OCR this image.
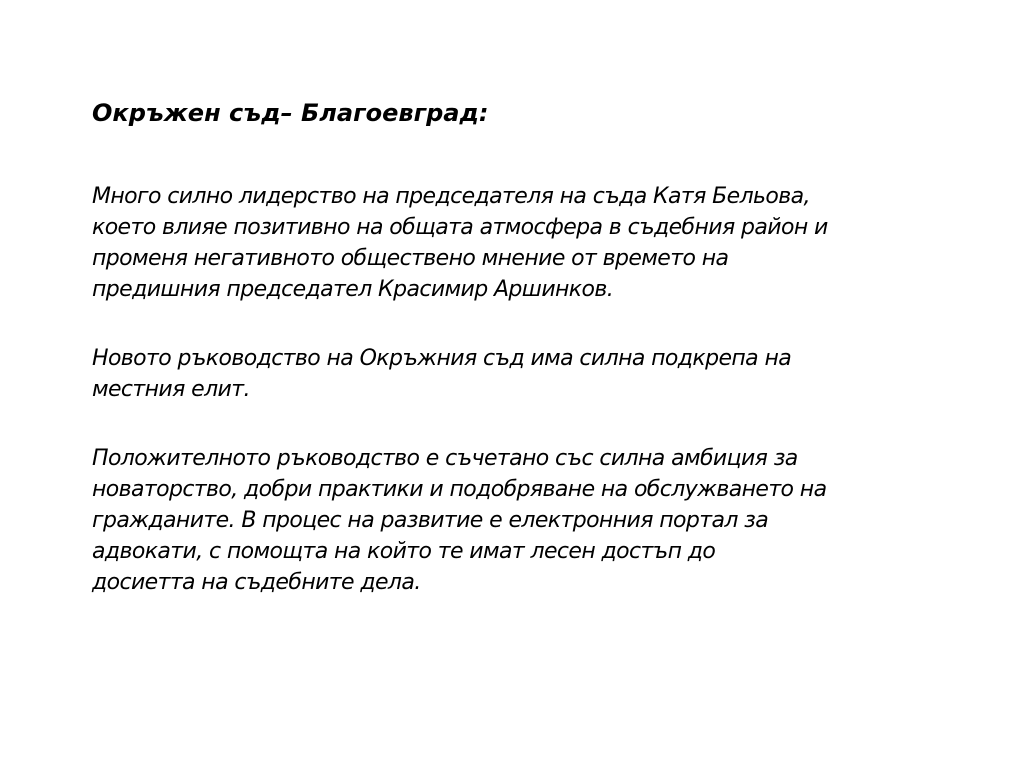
Окръжен съд– Благоевград:

Много силно лидерство на председателя на съда Катя Бельова,
което влияе позитивно на общата атмосфера в съдебния район и
променя негативното обществено мнение от времето на
предишния председател Красимир Аршинков.

Новото ръководство на Окръжния съд има силна подкрепа на
местния елит.

Положителното ръководство е съчетано със силна амбиция за
новаторство, добри практики и подобряване на обслужването на
гражданите. В процес на развитие е електронния портал за
адвокати, с помощта на който те имат лесен достъп до
досиетта на съдебните дела.
